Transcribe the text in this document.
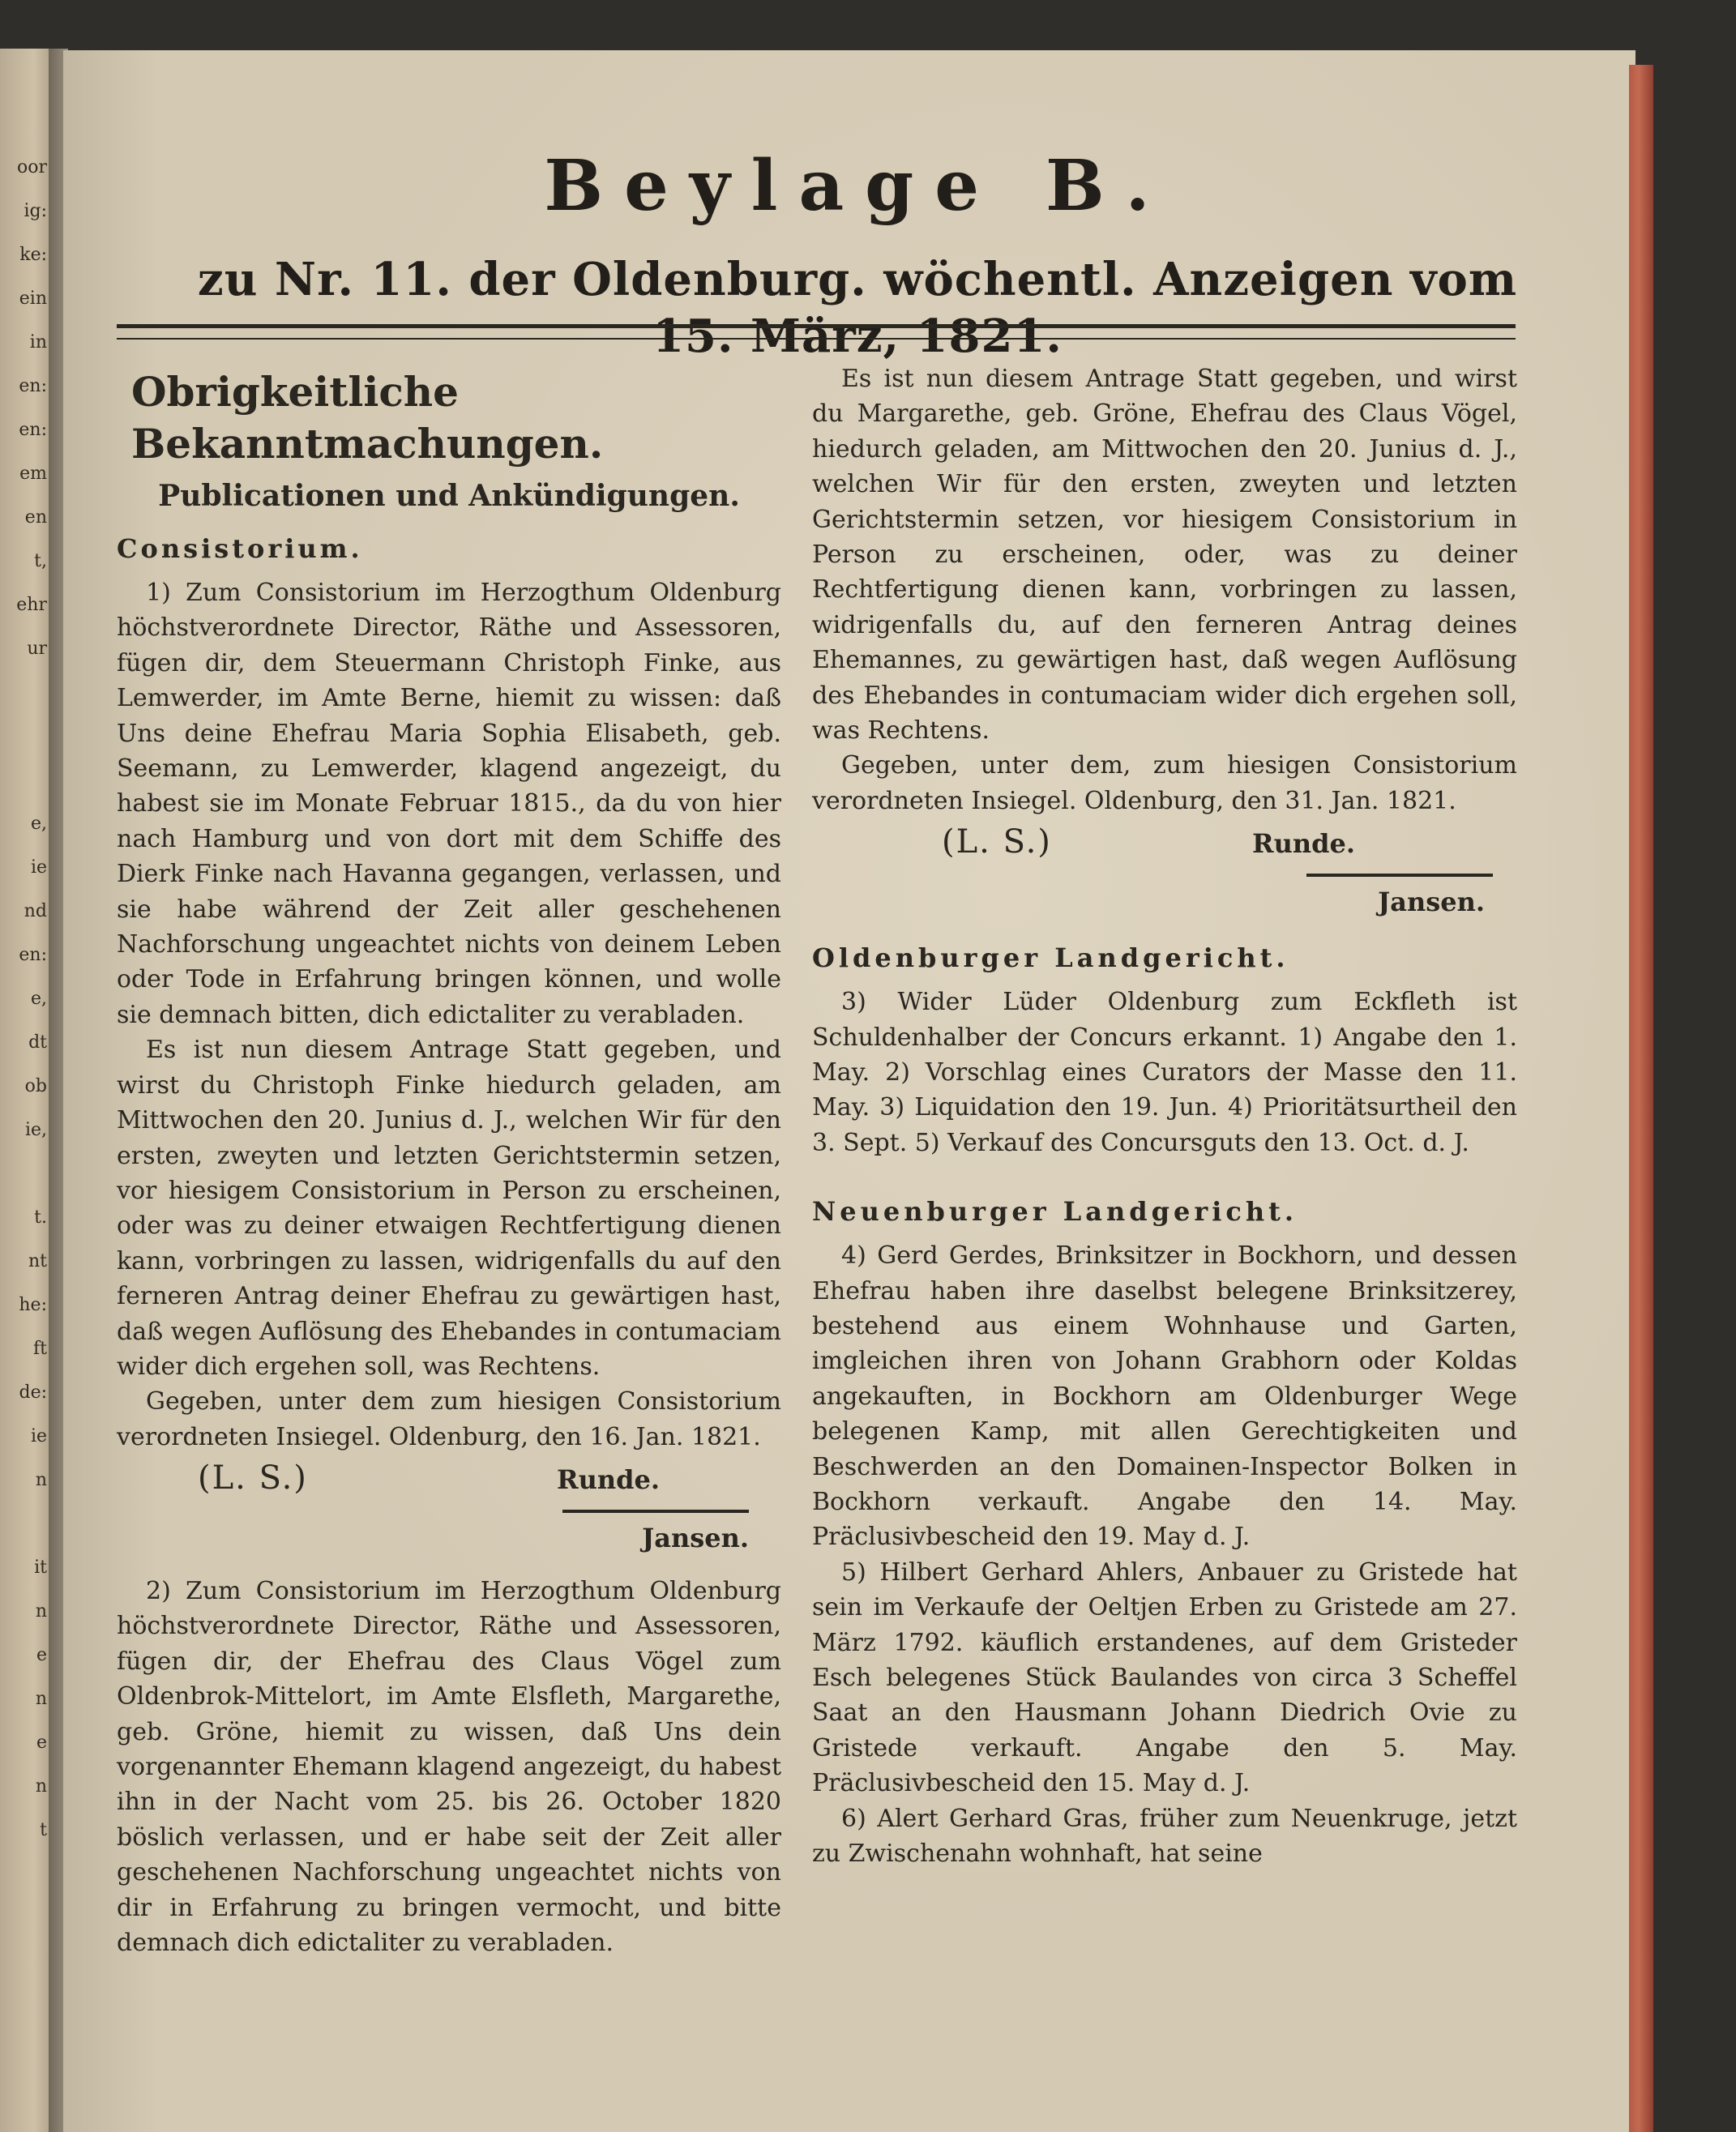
oor
ig:
ke:
ein
in
en:
en:
em
en
t,
ehr
ur

e,
ie
nd
en:
e,
dt
ob
ie,

t.
nt
he:
ft
de:
ie
n

it
n
e
n
e
n
t
Beylage B.

zu Nr. 11. der Oldenburg. wöchentl. Anzeigen vom 15. März, 1821.

Obrigkeitliche Bekanntmachungen.
Publicationen und Ankündigungen.
Consistorium.

1) Zum Consistorium im Herzogthum Oldenburg höchstverordnete Director, Räthe und Assessoren, fügen dir, dem Steuermann Christoph Finke, aus Lemwerder, im Amte Berne, hiemit zu wissen: daß Uns deine Ehefrau Maria Sophia Elisabeth, geb. Seemann, zu Lemwerder, klagend angezeigt, du habest sie im Monate Februar 1815., da du von hier nach Hamburg und von dort mit dem Schiffe des Dierk Finke nach Havanna gegangen, verlassen, und sie habe während der Zeit aller geschehenen Nachforschung ungeachtet nichts von deinem Leben oder Tode in Erfahrung bringen können, und wolle sie demnach bitten, dich edictaliter zu verabladen.

Es ist nun diesem Antrage Statt gegeben, und wirst du Christoph Finke hiedurch geladen, am Mittwochen den 20. Junius d. J., welchen Wir für den ersten, zweyten und letzten Gerichtstermin setzen, vor hiesigem Consistorium in Person zu erscheinen, oder was zu deiner etwaigen Rechtfertigung dienen kann, vorbringen zu lassen, widrigenfalls du auf den ferneren Antrag deiner Ehefrau zu gewärtigen hast, daß wegen Auflösung des Ehebandes in contumaciam wider dich ergehen soll, was Rechtens.

Gegeben, unter dem zum hiesigen Consistorium verordneten Insiegel. Oldenburg, den 16. Jan. 1821.

(L. S.)	Runde.
Jansen.

2) Zum Consistorium im Herzogthum Oldenburg höchstverordnete Director, Räthe und Assessoren, fügen dir, der Ehefrau des Claus Vögel zum Oldenbrok-Mittelort, im Amte Elsfleth, Margarethe, geb. Gröne, hiemit zu wissen, daß Uns dein vorgenannter Ehemann klagend angezeigt, du habest ihn in der Nacht vom 25. bis 26. October 1820 böslich verlassen, und er habe seit der Zeit aller geschehenen Nachforschung ungeachtet nichts von dir in Erfahrung zu bringen vermocht, und bitte demnach dich edictaliter zu verabladen.

Es ist nun diesem Antrage Statt gegeben, und wirst du Margarethe, geb. Gröne, Ehefrau des Claus Vögel, hiedurch geladen, am Mittwochen den 20. Junius d. J., welchen Wir für den ersten, zweyten und letzten Gerichtstermin setzen, vor hiesigem Consistorium in Person zu erscheinen, oder, was zu deiner Rechtfertigung dienen kann, vorbringen zu lassen, widrigenfalls du, auf den ferneren Antrag deines Ehemannes, zu gewärtigen hast, daß wegen Auflösung des Ehebandes in contumaciam wider dich ergehen soll, was Rechtens.

Gegeben, unter dem, zum hiesigen Consistorium verordneten Insiegel. Oldenburg, den 31. Jan. 1821.

(L. S.)	Runde.
Jansen.
Oldenburger Landgericht.

3) Wider Lüder Oldenburg zum Eckfleth ist Schuldenhalber der Concurs erkannt. 1) Angabe den 1. May. 2) Vorschlag eines Curators der Masse den 11. May. 3) Liquidation den 19. Jun. 4) Prioritätsurtheil den 3. Sept. 5) Verkauf des Concursguts den 13. Oct. d. J.

Neuenburger Landgericht.

4) Gerd Gerdes, Brinksitzer in Bockhorn, und dessen Ehefrau haben ihre daselbst belegene Brinksitzerey, bestehend aus einem Wohnhause und Garten, imgleichen ihren von Johann Grabhorn oder Koldas angekauften, in Bockhorn am Oldenburger Wege belegenen Kamp, mit allen Gerechtigkeiten und Beschwerden an den Domainen-Inspector Bolken in Bockhorn verkauft. Angabe den 14. May. Präclusivbescheid den 19. May d. J.

5) Hilbert Gerhard Ahlers, Anbauer zu Gristede hat sein im Verkaufe der Oeltjen Erben zu Gristede am 27. März 1792. käuflich erstandenes, auf dem Gristeder Esch belegenes Stück Baulandes von circa 3 Scheffel Saat an den Hausmann Johann Diedrich Ovie zu Gristede verkauft. Angabe den 5. May. Präclusivbescheid den 15. May d. J.

6) Alert Gerhard Gras, früher zum Neuenkruge, jetzt zu Zwischenahn wohnhaft, hat seine
